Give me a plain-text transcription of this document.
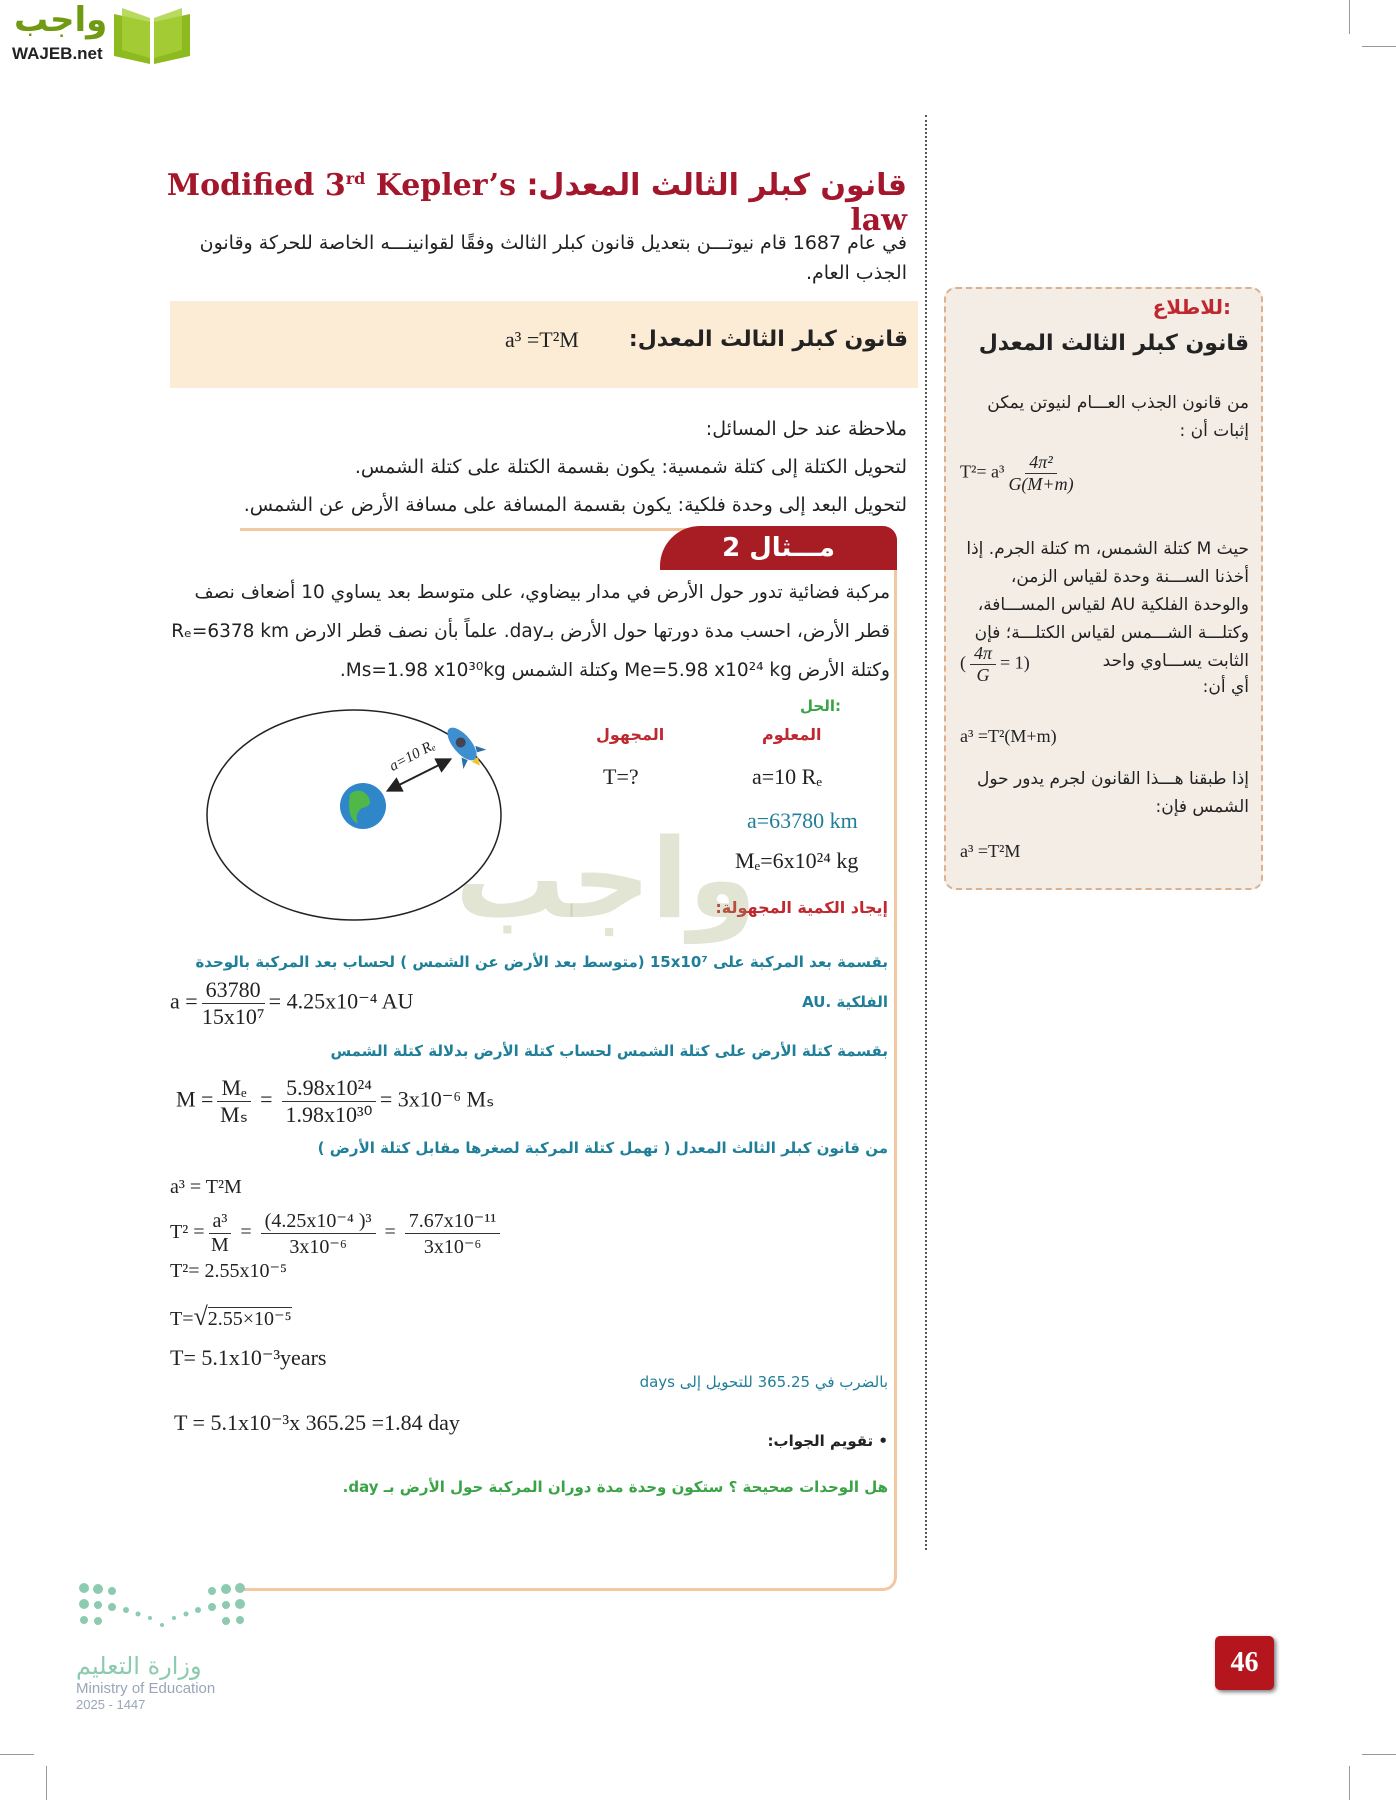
واجب
WAJEB.net
قانون كبلر الثالث المعدل: Modified 3rd Kepler’s law
في عام 1687 قام نيوتـــن بتعديل قانون كبلر الثالث وفقًا لقوانينـــه الخاصة للحركة وقانون الجذب العام.
قانون كبلر الثالث المعدل:
a³ =T²M
ملاحظة عند حل المسائل:
لتحويل الكتلة إلى كتلة شمسية: يكون بقسمة الكتلة على كتلة الشمس.
لتحويل البعد إلى وحدة فلكية: يكون بقسمة المسافة على مسافة الأرض عن الشمس.
مـــثال 2
مركبة فضائية تدور حول الأرض في مدار بيضاوي، على متوسط بعد يساوي 10 أضعاف نصف
قطر الأرض، احسب مدة دورتها حول الأرض بـday. علماً بأن نصف قطر الارض Rₑ=6378 km
وكتلة الأرض Me=5.98 x10²⁴ kg وكتلة الشمس Ms=1.98 x10³⁰kg.
a=10 Rₑ
الحل:
المعلوم
المجهول
T=?	a=10 Rₑ
a=63780 km
Mₑ=6x10²⁴ kg
إيجاد الكمية المجهولة:
واجب
بقسمة بعد المركبة على 15x10⁷ (متوسط بعد الأرض عن الشمس ) لحساب بعد المركبة بالوحدة الفلكية .AU
$a = \frac{63780}{\text{15x10⁷}} = 4.25x10^{-4}$ AU
بقسمة كتلة الأرض على كتلة الشمس لحساب كتلة الأرض بدلالة كتلة الشمس
$M = \frac{\text{Mₑ}}{\text{Mₛ}} = \frac{\text{5.98x10²⁴}}{\text{1.98x10³⁰}} = 3x10^{-6}$ Mₛ
من قانون كبلر الثالث المعدل ( تهمل كتلة المركبة لصغرها مقابل كتلة الأرض )
a³ = T²M
$T^2 = \frac{\text{a³}}{M} = \frac{\text{(4.25x10⁻⁴ )³}}{\text{3x10⁻⁶}} = \frac{\text{7.67x10⁻¹¹}}{\text{3x10⁻⁶}}$
T²= 2.55x10⁻⁵
T=√2.55×10⁻⁵
T= 5.1x10⁻³years
بالضرب في 365.25 للتحويل إلى days
T = 5.1x10⁻³x 365.25 =1.84 day
• تقويم الجواب:
هل الوحدات صحيحة ؟ ستكون وحدة مدة دوران المركبة حول الأرض بـ day.
للاطلاع:
قانون كبلر الثالث المعدل
من قانون الجذب العـــام لنيوتن يمكن إثبات أن :
$T^2= a^3 \frac{\text{4π²}}{G(M+m)}$
حيث M كتلة الشمس، m كتلة الجرم. إذا أخذنا الســـنة وحدة لقياس الزمن، والوحدة الفلكية AU لقياس المســـافة، وكتلـــة الشـــمس لقياس الكتلـــة؛ فإن الثابت يســـاوي واحد
( $\frac{4\pi}{G} = 1$)
أي أن:
a³ =T²(M+m)
إذا طبقنا هـــذا القانون لجرم يدور حول الشمس فإن:
a³ =T²M
وزارة التعليم
Ministry of Education
2025 - 1447
46
